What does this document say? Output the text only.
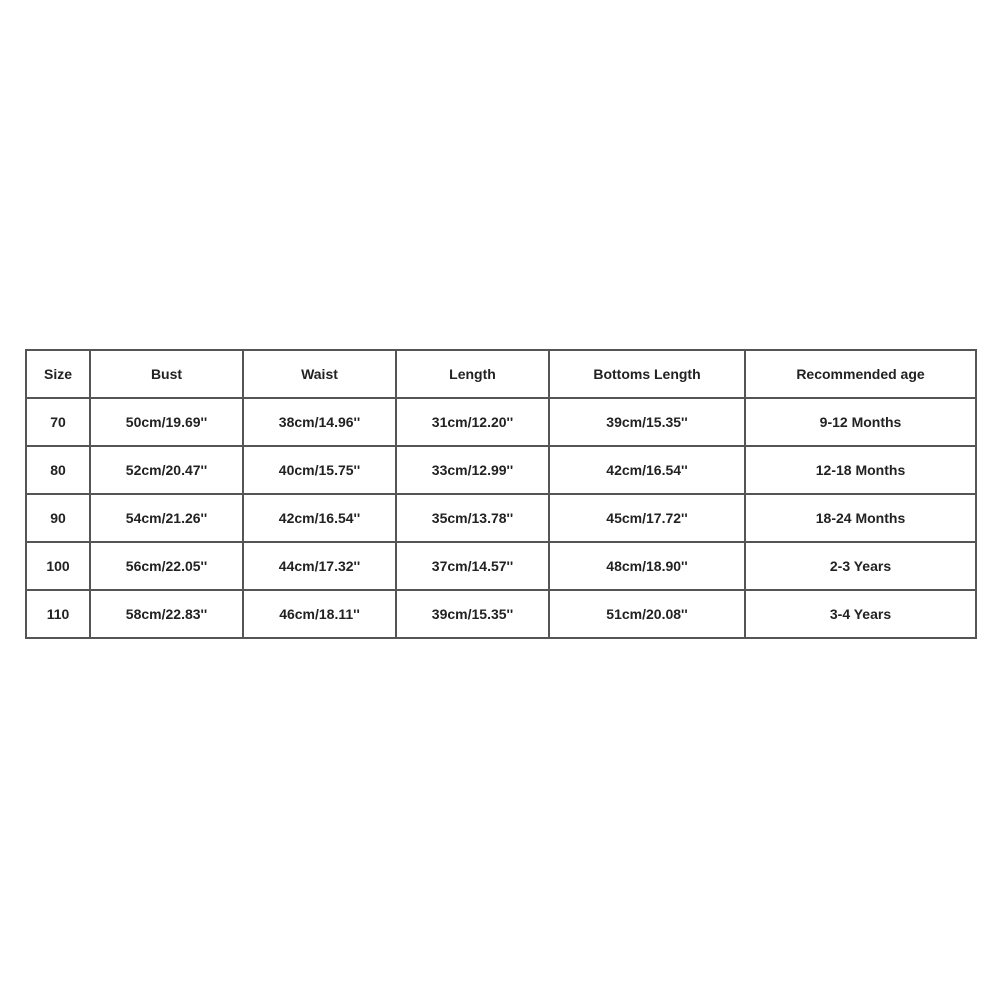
Size	Bust	Waist	Length	Bottoms Length	Recommended age
70	50cm/19.69''	38cm/14.96''	31cm/12.20''	39cm/15.35''	9-12 Months
80	52cm/20.47''	40cm/15.75''	33cm/12.99''	42cm/16.54''	12-18 Months
90	54cm/21.26''	42cm/16.54''	35cm/13.78''	45cm/17.72''	18-24 Months
100	56cm/22.05''	44cm/17.32''	37cm/14.57''	48cm/18.90''	2-3 Years
110	58cm/22.83''	46cm/18.11''	39cm/15.35''	51cm/20.08''	3-4 Years
